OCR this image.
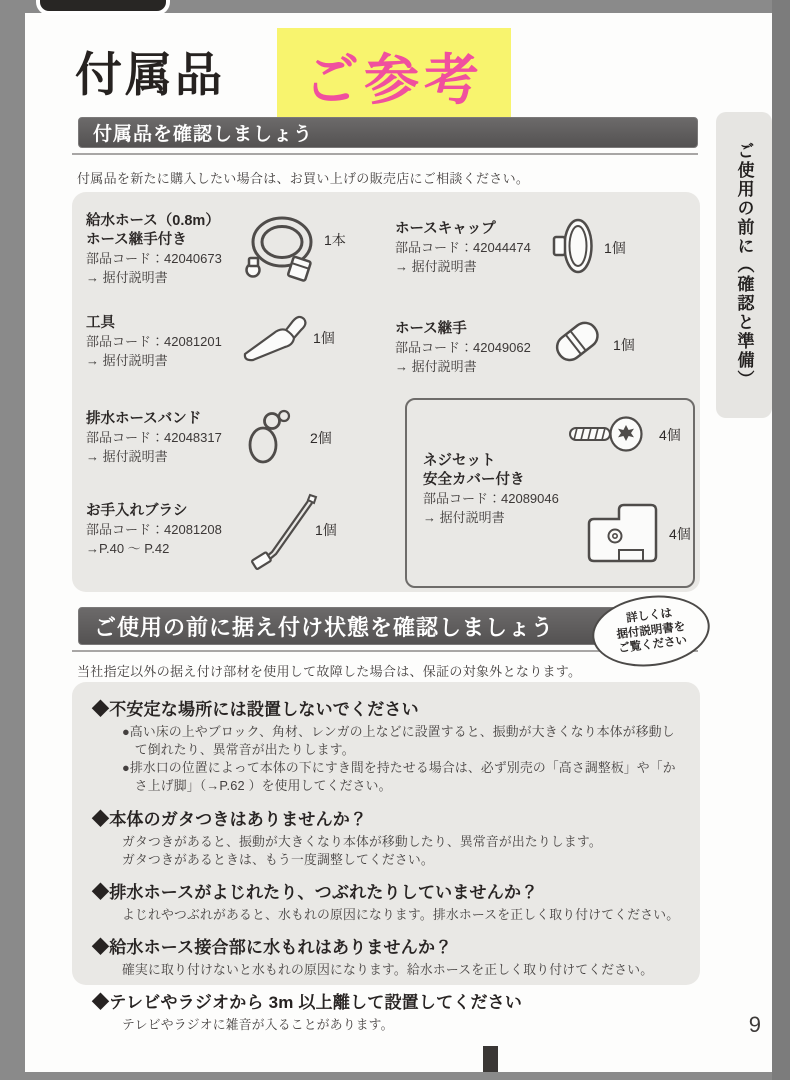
付属品 ご参考
付属品を確認しましょう
付属品を新たに購入したい場合は、お買い上げの販売店にご相談ください。
給水ホース（0.8m）
ホース継手付き
部品コード：42040673
→ 据付説明書
1本
ホースキャップ
部品コード：42044474
→ 据付説明書
1個
工具
部品コード：42081201
→ 据付説明書
1個
ホース継手
部品コード：42049062
→ 据付説明書
1個
排水ホースバンド
部品コード：42048317
→ 据付説明書
2個
お手入れブラシ
部品コード：42081208
→P.40 ～ P.42
1個
4個
ネジセット
安全カバー付き
部品コード：42089046
→ 据付説明書
4個
ご使用の前に据え付け状態を確認しましょう	詳しくは
据付説明書を
ご覧ください
当社指定以外の据え付け部材を使用して故障した場合は、保証の対象外となります。
◆不安定な場所には設置しないでください
●高い床の上やブロック、角材、レンガの上などに設置すると、振動が大きくなり本体が移動して倒れたり、異常音が出たりします。
●排水口の位置によって本体の下にすき間を持たせる場合は、必ず別売の「高さ調整板」や「かさ上げ脚」（→P.62 ）を使用してください。
◆本体のガタつきはありませんか？
ガタつきがあると、振動が大きくなり本体が移動したり、異常音が出たりします。
ガタつきがあるときは、もう一度調整してください。
◆排水ホースがよじれたり、つぶれたりしていませんか？
よじれやつぶれがあると、水もれの原因になります。排水ホースを正しく取り付けてください。
◆給水ホース接合部に水もれはありませんか？
確実に取り付けないと水もれの原因になります。給水ホースを正しく取り付けてください。
◆テレビやラジオから 3m 以上離して設置してください
テレビやラジオに雑音が入ることがあります。
ご使用の前に（確認と準備）
9
